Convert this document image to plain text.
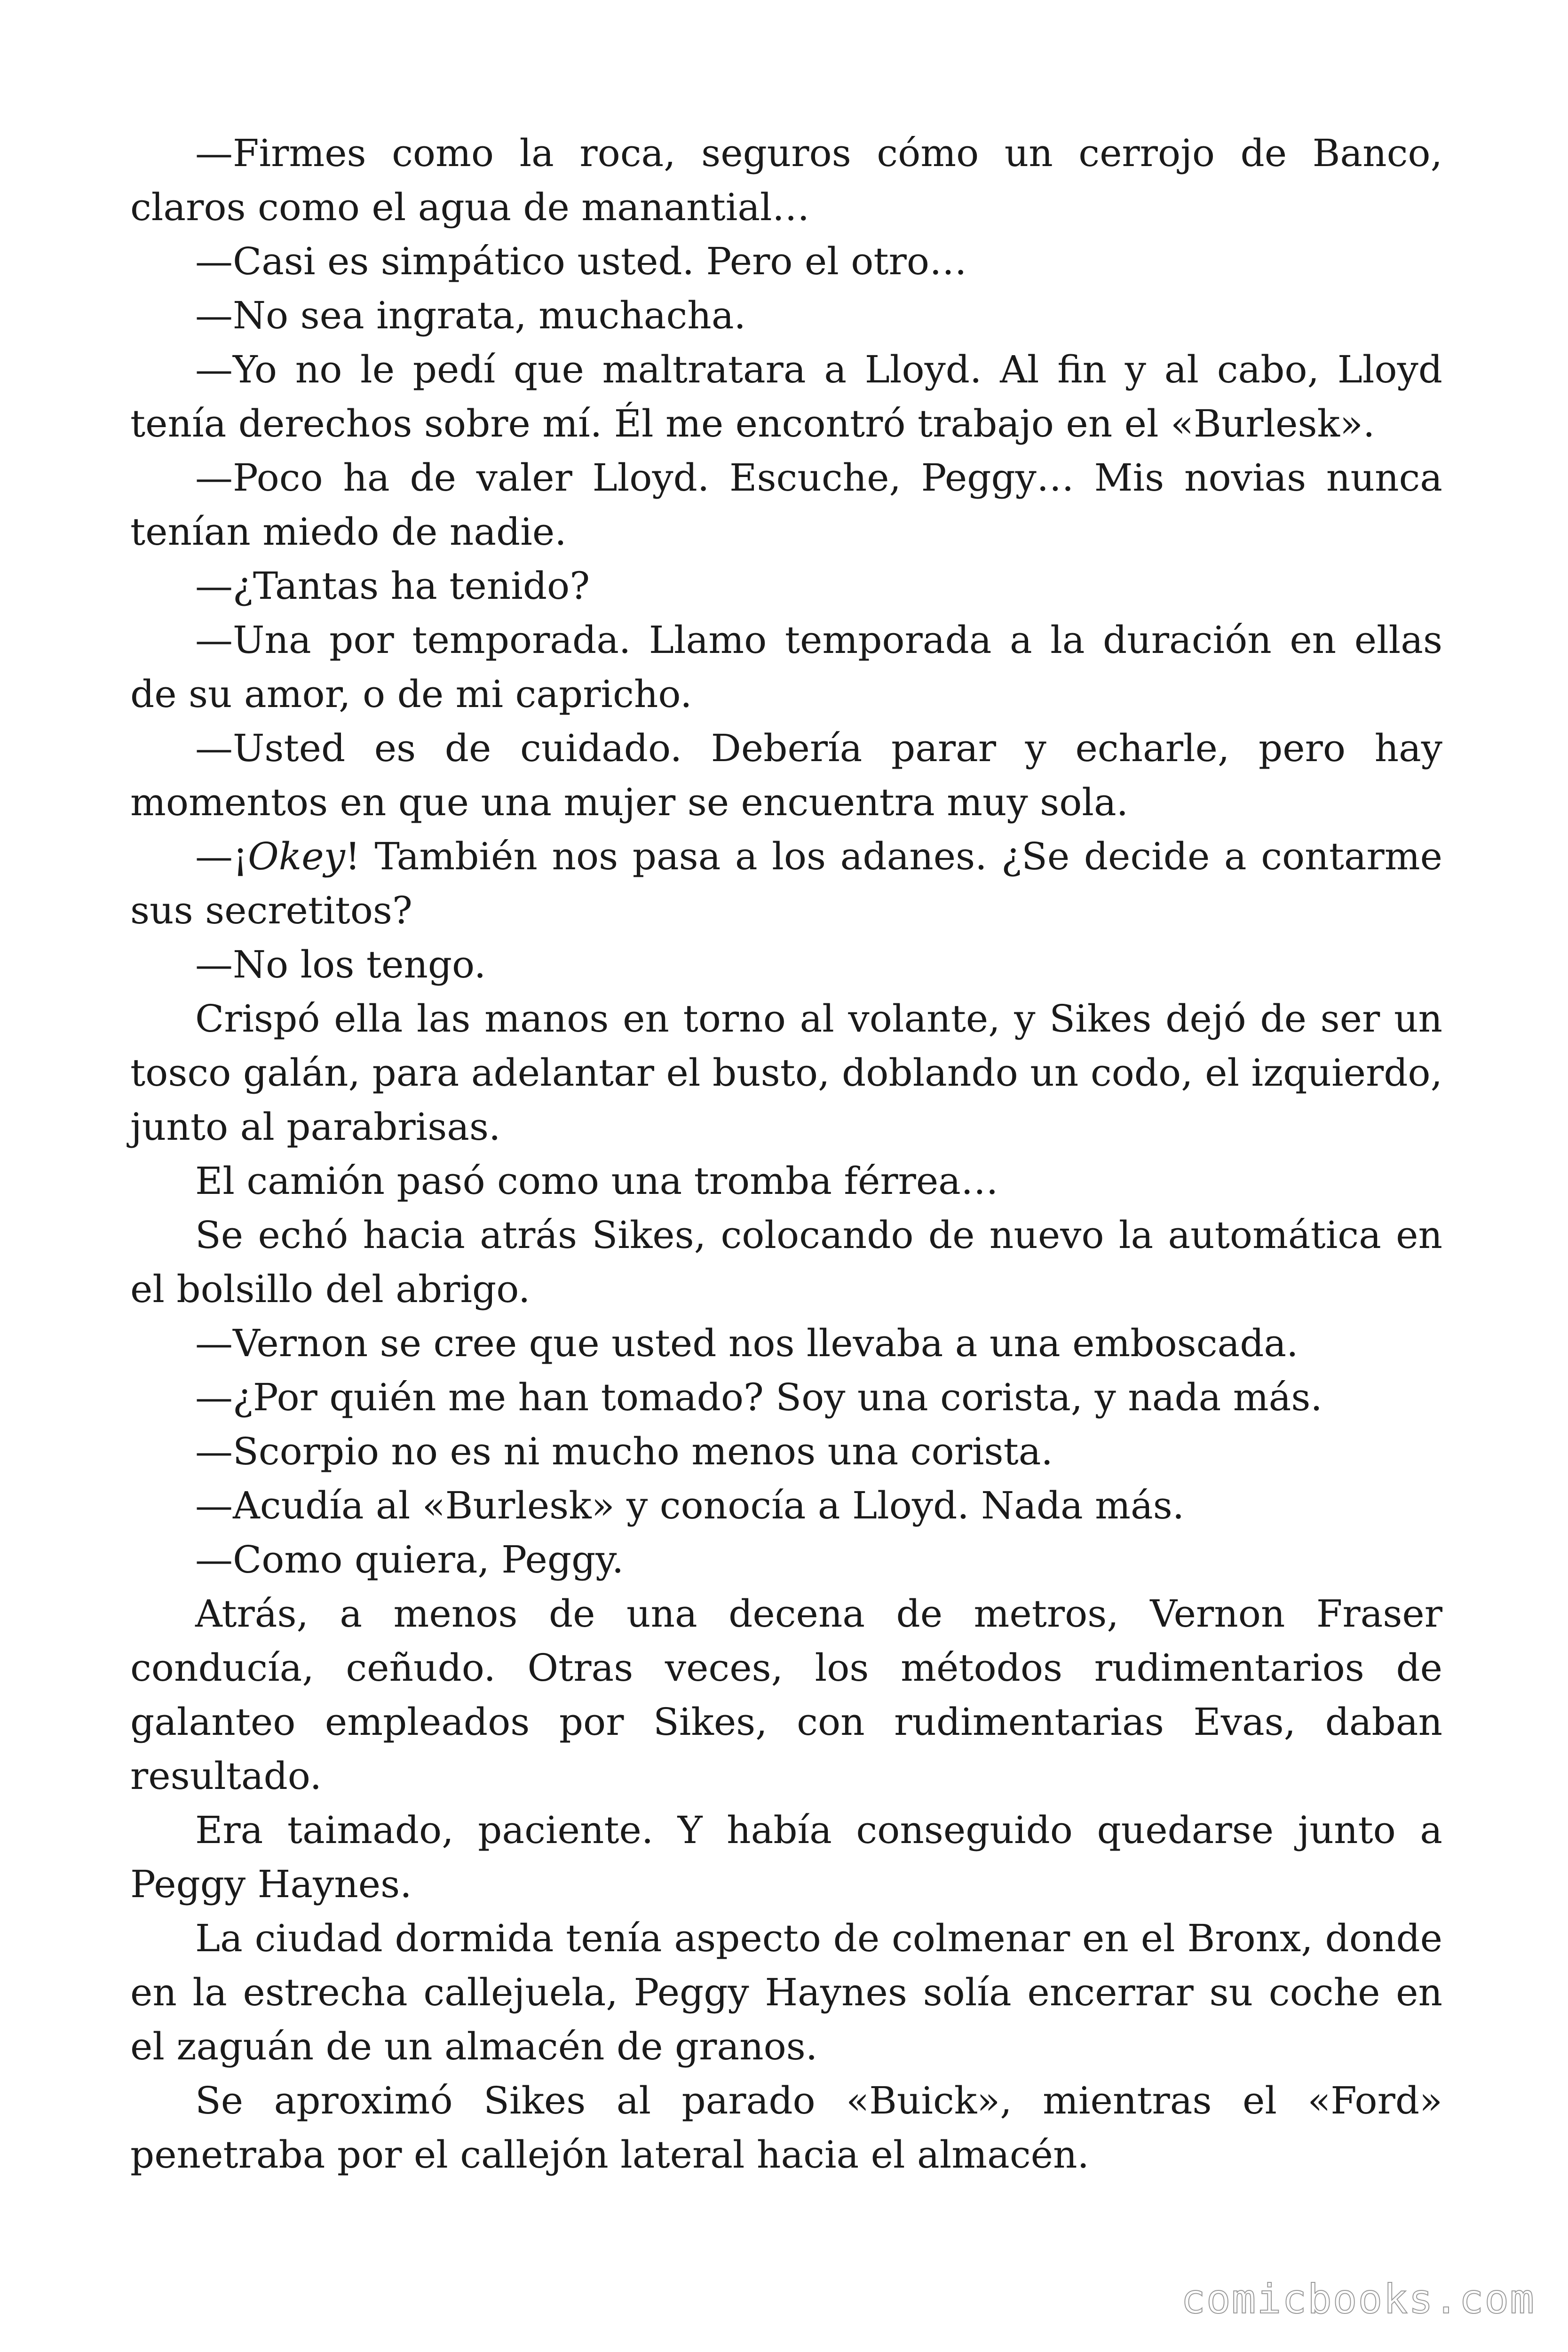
—Firmes como la roca, seguros cómo un cerrojo de Banco, claros como el agua de manantial…

—Casi es simpático usted. Pero el otro…

—No sea ingrata, muchacha.

—Yo no le pedí que maltratara a Lloyd. Al fin y al cabo, Lloyd tenía derechos sobre mí. Él me encontró trabajo en el «Burlesk».

—Poco ha de valer Lloyd. Escuche, Peggy… Mis novias nunca tenían miedo de nadie.

—¿Tantas ha tenido?

—Una por temporada. Llamo temporada a la duración en ellas de su amor, o de mi capricho.

—Usted es de cuidado. Debería parar y echarle, pero hay momentos en que una mujer se encuentra muy sola.

—¡Okey! También nos pasa a los adanes. ¿Se decide a contarme sus secretitos?

—No los tengo.

Crispó ella las manos en torno al volante, y Sikes dejó de ser un tosco galán, para adelantar el busto, doblando un codo, el izquierdo, junto al parabrisas.

El camión pasó como una tromba férrea…

Se echó hacia atrás Sikes, colocando de nuevo la automática en el bolsillo del abrigo.

—Vernon se cree que usted nos llevaba a una emboscada.

—¿Por quién me han tomado? Soy una corista, y nada más.

—Scorpio no es ni mucho menos una corista.

—Acudía al «Burlesk» y conocía a Lloyd. Nada más.

—Como quiera, Peggy.

Atrás, a menos de una decena de metros, Vernon Fraser conducía, ceñudo. Otras veces, los métodos rudimentarios de galanteo empleados por Sikes, con rudimentarias Evas, daban resultado.

Era taimado, paciente. Y había conseguido quedarse junto a Peggy Haynes.

La ciudad dormida tenía aspecto de colmenar en el Bronx, donde en la estrecha callejuela, Peggy Haynes solía encerrar su coche en el zaguán de un almacén de granos.

Se aproximó Sikes al parado «Buick», mientras el «Ford» penetraba por el callejón lateral hacia el almacén.

comicbooks.com
